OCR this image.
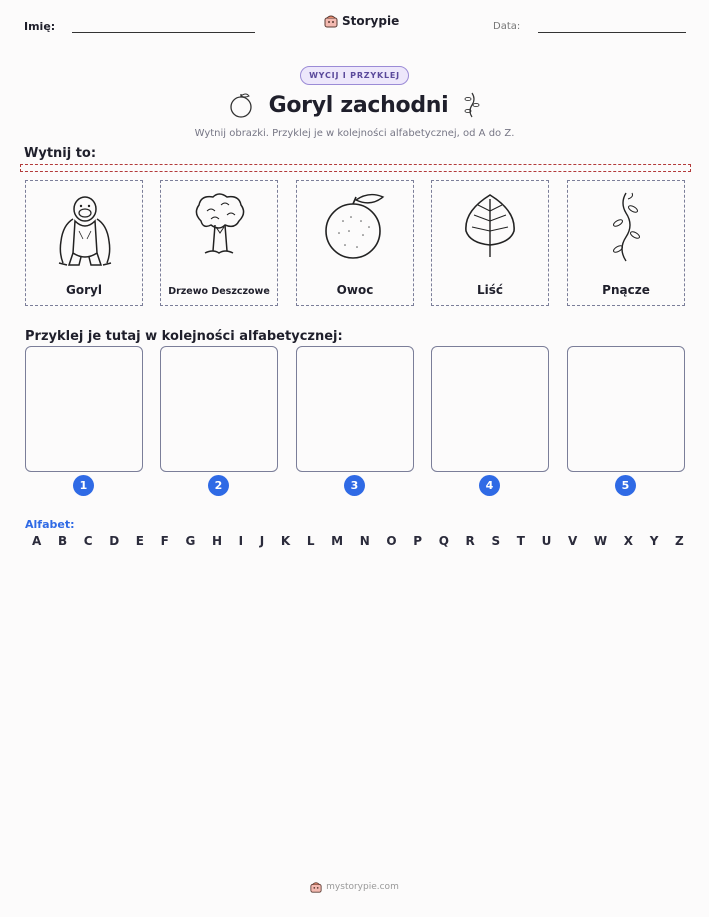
Imię:	Storypie	Data:
WYCIJ I PRZYKLEJ
Goryl zachodni
Wytnij obrazki. Przyklej je w kolejności alfabetycznej, od A do Z.
Wytnij to:
Goryl	Drzewo Deszczowe	Owoc	Liść	Pnącze
Przyklej je tutaj w kolejności alfabetycznej:
1	2	3	4	5
Alfabet:
A B C D E F G H I J K L M N O P Q R S T U V W X Y Z
mystorypie.com
